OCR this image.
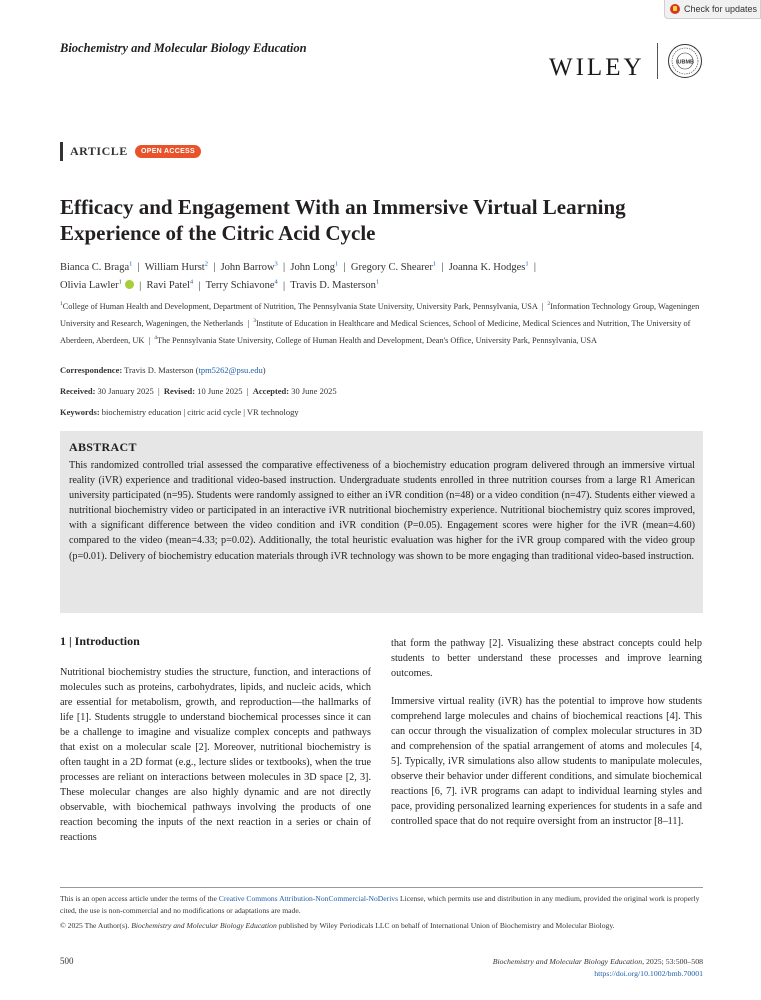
Check for updates
Biochemistry and Molecular Biology Education
WILEY	IUBMB
ARTICLE	OPEN ACCESS
Efficacy and Engagement With an Immersive Virtual Learning Experience of the Citric Acid Cycle
Bianca C. Braga$^1$  |  William Hurst$^2$  |  John Barrow$^3$  |  John Long$^1$  |  Gregory C. Shearer$^1$  |  Joanna K. Hodges$^1$  |
Olivia Lawler$^1$  |  Ravi Patel$^4$  |  Terry Schiavone$^4$  |  Travis D. Masterson$^1$
$^1$College of Human Health and Development, Department of Nutrition, The Pennsylvania State University, University Park, Pennsylvania, USA  |  $^2$Information Technology Group, Wageningen University and Research, Wageningen, the Netherlands  |  $^3$Institute of Education in Healthcare and Medical Sciences, School of Medicine, Medical Sciences and Nutrition, The University of Aberdeen, Aberdeen, UK  |  $^4$The Pennsylvania State University, College of Human Health and Development, Dean's Office, University Park, Pennsylvania, USA
Correspondence: Travis D. Masterson (tpm5262@psu.edu)
Received: 30 January 2025  |  Revised: 10 June 2025  |  Accepted: 30 June 2025
Keywords: biochemistry education | citric acid cycle | VR technology
ABSTRACT
This randomized controlled trial assessed the comparative effectiveness of a biochemistry education program delivered through an immersive virtual reality (iVR) experience and traditional video-based instruction. Undergraduate students enrolled in three nutrition courses from a large R1 American university participated (n=95). Students were randomly assigned to either an iVR condition (n=48) or a video condition (n=47). Students either viewed a nutritional biochemistry video or participated in an interactive iVR nutritional biochemistry experience. Nutritional biochemistry quiz scores improved, with a significant difference between the video condition and iVR condition (P=0.05). Engagement scores were higher for the iVR (mean=4.60) compared to the video (mean=4.33; p=0.02). Additionally, the total heuristic evaluation was higher for the iVR group compared with the video group (p=0.01). Delivery of biochemistry education materials through iVR technology was shown to be more engaging than traditional video-based instruction.
1 | Introduction
Nutritional biochemistry studies the structure, function, and interactions of molecules such as proteins, carbohydrates, lipids, and nucleic acids, which are essential for metabolism, growth, and reproduction—the hallmarks of life [1]. Students struggle to understand biochemical processes since it can be a challenge to imagine and visualize complex concepts and pathways that exist on a molecular scale [2]. Moreover, nutritional biochemistry is often taught in a 2D format (e.g., lecture slides or textbooks), when the true processes are reliant on interactions between molecules in 3D space [2, 3]. These molecular changes are also highly dynamic and are not directly observable, with biochemical pathways involving the products of one reaction becoming the inputs of the next reaction in a series or chain of reactions
that form the pathway [2]. Visualizing these abstract concepts could help students to better understand these processes and improve learning outcomes.
Immersive virtual reality (iVR) has the potential to improve how students comprehend large molecules and chains of biochemical reactions [4]. This can occur through the visualization of complex molecular structures in 3D and comprehension of the spatial arrangement of atoms and molecules [4, 5]. Typically, iVR simulations also allow students to manipulate molecules, observe their behavior under different conditions, and simulate biochemical reactions [6, 7]. iVR programs can adapt to individual learning styles and pace, providing personalized learning experiences for students in a safe and controlled space that do not require oversight from an instructor [8–11].
This is an open access article under the terms of the Creative Commons Attribution-NonCommercial-NoDerivs License, which permits use and distribution in any medium, provided the original work is properly cited, the use is non-commercial and no modifications or adaptations are made.
© 2025 The Author(s). Biochemistry and Molecular Biology Education published by Wiley Periodicals LLC on behalf of International Union of Biochemistry and Molecular Biology.
500	Biochemistry and Molecular Biology Education, 2025; 53:500–508
https://doi.org/10.1002/bmb.70001
